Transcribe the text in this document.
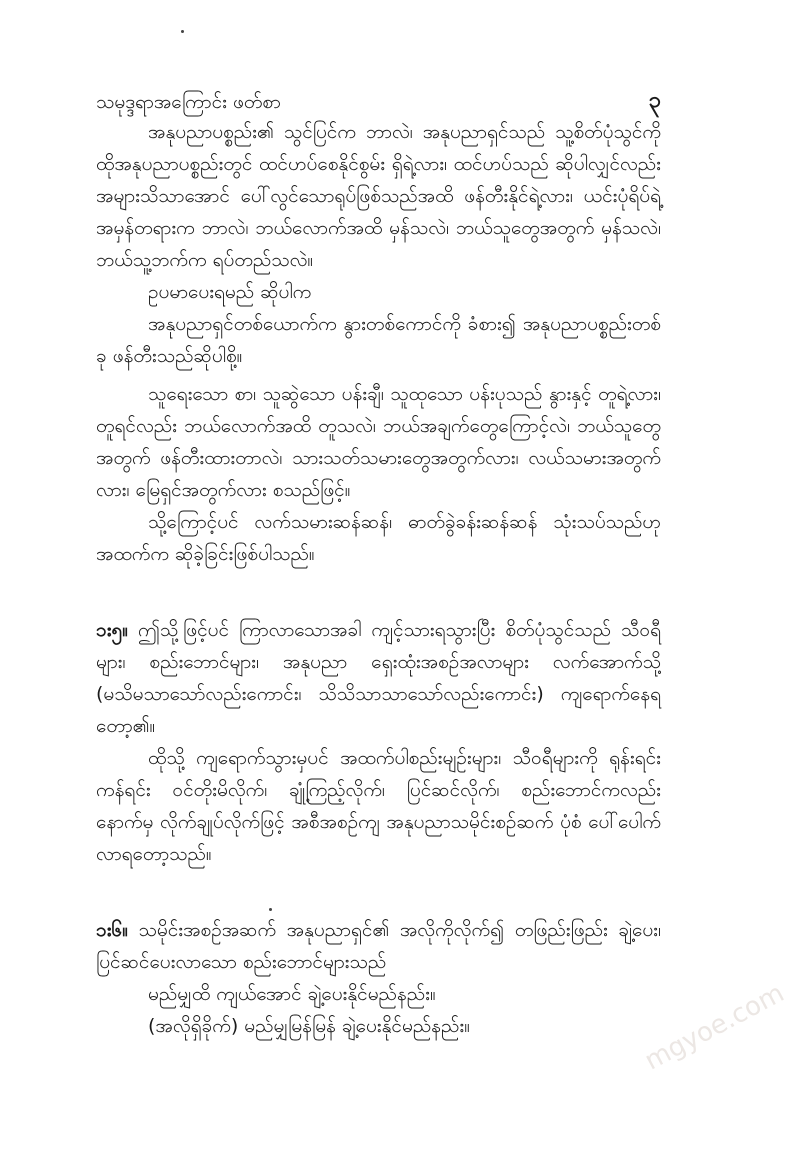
သမုဒ္ဒရာအကြောင်း ဖတ်စာ	၃

အနုပညာပစ္စည်း၏ သွင်ပြင်က ဘာလဲ၊ အနုပညာရှင်သည် သူ့စိတ်ပုံသွင်ကို ထိုအနုပညာပစ္စည်းတွင် ထင်ဟပ်စေနိုင်စွမ်း ရှိရဲ့လား၊ ထင်ဟပ်သည် ဆိုပါလျှင်လည်း အများသိသာအောင် ပေါ်လွင်သောရုပ်ဖြစ်သည်အထိ ဖန်တီးနိုင်ရဲ့လား၊ ယင်းပုံရိပ်ရဲ့ အမှန်တရားက ဘာလဲ၊ ဘယ်လောက်အထိ မှန်သလဲ၊ ဘယ်သူတွေအတွက် မှန်သလဲ၊ ဘယ်သူ့ဘက်က ရပ်တည်သလဲ။

ဥပမာပေးရမည် ဆိုပါက

အနုပညာရှင်တစ်ယောက်က နွားတစ်ကောင်ကို ခံစား၍ အနုပညာပစ္စည်းတစ်ခု ဖန်တီးသည်ဆိုပါစို့။

သူရေးသော စာ၊ သူဆွဲသော ပန်းချီ၊ သူထုသော ပန်းပုသည် နွားနှင့် တူရဲ့လား၊ တူရင်လည်း ဘယ်လောက်အထိ တူသလဲ၊ ဘယ်အချက်တွေကြောင့်လဲ၊ ဘယ်သူတွေအတွက် ဖန်တီးထားတာလဲ၊ သားသတ်သမားတွေအတွက်လား၊ လယ်သမားအတွက်လား၊ မြေရှင်အတွက်လား စသည်ဖြင့်။

သို့ကြောင့်ပင် လက်သမားဆန်ဆန်၊ ဓာတ်ခွဲခန်းဆန်ဆန် သုံးသပ်သည်ဟု အထက်က ဆိုခဲ့ခြင်းဖြစ်ပါသည်။

၁း၅။ ဤသို့ဖြင့်ပင် ကြာလာသောအခါ ကျင့်သားရသွားပြီး စိတ်ပုံသွင်သည် သီဝရီများ၊ စည်းဘောင်များ၊ အနုပညာ ရှေးထုံးအစဉ်အလာများ လက်အောက်သို့ (မသိမသာသော်လည်းကောင်း၊ သိသိသာသာသော်လည်းကောင်း) ကျရောက်နေရတော့၏။

ထိုသို့ ကျရောက်သွားမှပင် အထက်ပါစည်းမျဉ်းများ၊ သီဝရီများကို ရုန်းရင်းကန်ရင်း ဝင်တိုးမိလိုက်၊ ချုံ့ကြည့်လိုက်၊ ပြင်ဆင်လိုက်၊ စည်းဘောင်ကလည်း နောက်မှ လိုက်ချုပ်လိုက်ဖြင့် အစီအစဉ်ကျ အနုပညာသမိုင်းစဉ်ဆက် ပုံစံ ပေါ်ပေါက်လာရတော့သည်။

၁း၆။ သမိုင်းအစဉ်အဆက် အနုပညာရှင်၏ အလိုကိုလိုက်၍ တဖြည်းဖြည်း ချဲ့ပေး၊ ပြင်ဆင်ပေးလာသော စည်းဘောင်များသည်

မည်မျှထိ ကျယ်အောင် ချဲ့ပေးနိုင်မည်နည်း။

(အလိုရှိခိုက်) မည်မျှမြန်မြန် ချဲ့ပေးနိုင်မည်နည်း။	mgyoe.com
